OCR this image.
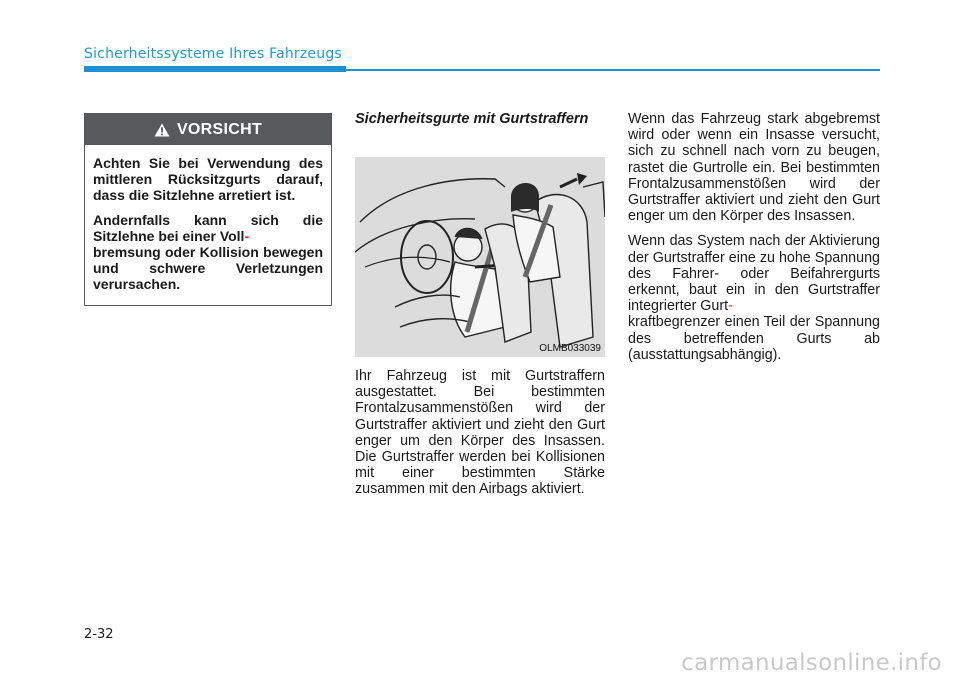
Sicherheitssysteme Ihres Fahrzeugs
VORSICHT

Achten Sie bei Verwendung des mittleren Rücksitzgurts darauf, dass die Sitzlehne arretiert ist.

Andernfalls kann sich die Sitzlehne bei einer Voll-
bremsung oder Kollision bewegen und schwere Verletzungen verursachen.

Sicherheitsgurte mit Gurtstraffern
OLMB033039

Ihr Fahrzeug ist mit Gurtstraffern ausgestattet. Bei bestimmten Frontalzusammenstößen wird der Gurtstraffer aktiviert und zieht den Gurt enger um den Körper des Insassen. Die Gurtstraffer werden bei Kollisionen mit einer bestimmten Stärke zusammen mit den Airbags aktiviert.

Wenn das Fahrzeug stark abgebremst wird oder wenn ein Insasse versucht, sich zu schnell nach vorn zu beugen, rastet die Gurtrolle ein. Bei bestimmten Frontalzusammenstößen wird der Gurtstraffer aktiviert und zieht den Gurt enger um den Körper des Insassen.

Wenn das System nach der Aktivierung der Gurtstraffer eine zu hohe Spannung des Fahrer- oder Beifahrergurts erkennt, baut ein in den Gurtstraffer integrierter Gurt-
kraftbegrenzer einen Teil der Spannung des betreffenden Gurts ab (ausstattungsabhängig).

2-32
carmanualsonline.info
